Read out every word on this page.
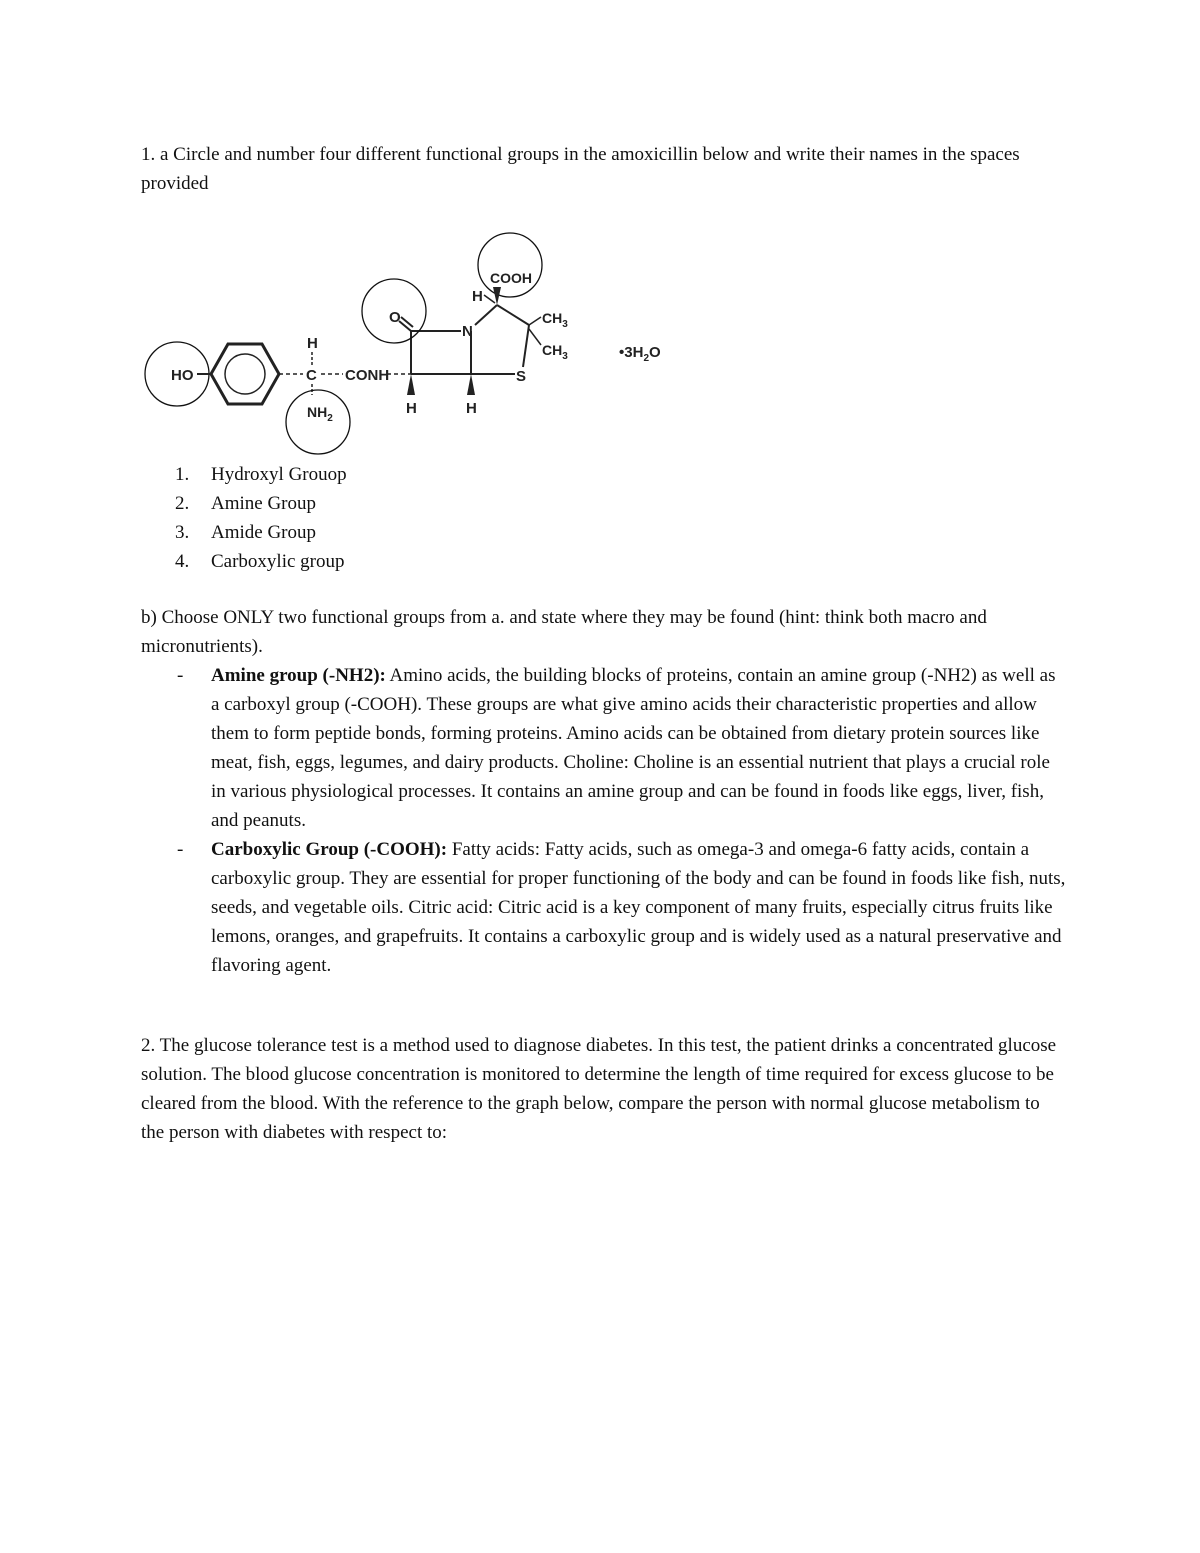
1. a Circle and number four different functional groups in the amoxicillin below and write their names in the spaces provided

HO
H
C
$NH_2$
CONH
O
N
S
H	H
H
COOH
$CH_3$
$CH_3$	$•3H_2O$
1. Hydroxyl Grouop
2. Amine Group
3. Amide Group
4. Carboxylic group

b) Choose ONLY two functional groups from a. and state where they may be found (hint: think both macro and micronutrients).

- Amine group (-NH2): Amino acids, the building blocks of proteins, contain an amine group (-NH2) as well as a carboxyl group (-COOH). These groups are what give amino acids their characteristic properties and allow them to form peptide bonds, forming proteins. Amino acids can be obtained from dietary protein sources like meat, fish, eggs, legumes, and dairy products. Choline: Choline is an essential nutrient that plays a crucial role in various physiological processes. It contains an amine group and can be found in foods like eggs, liver, fish, and peanuts.
- Carboxylic Group (-COOH): Fatty acids: Fatty acids, such as omega-3 and omega-6 fatty acids, contain a carboxylic group. They are essential for proper functioning of the body and can be found in foods like fish, nuts, seeds, and vegetable oils. Citric acid: Citric acid is a key component of many fruits, especially citrus fruits like lemons, oranges, and grapefruits. It contains a carboxylic group and is widely used as a natural preservative and flavoring agent.

2. The glucose tolerance test is a method used to diagnose diabetes. In this test, the patient drinks a concentrated glucose solution. The blood glucose concentration is monitored to determine the length of time required for excess glucose to be cleared from the blood. With the reference to the graph below, compare the person with normal glucose metabolism to the person with diabetes with respect to:
